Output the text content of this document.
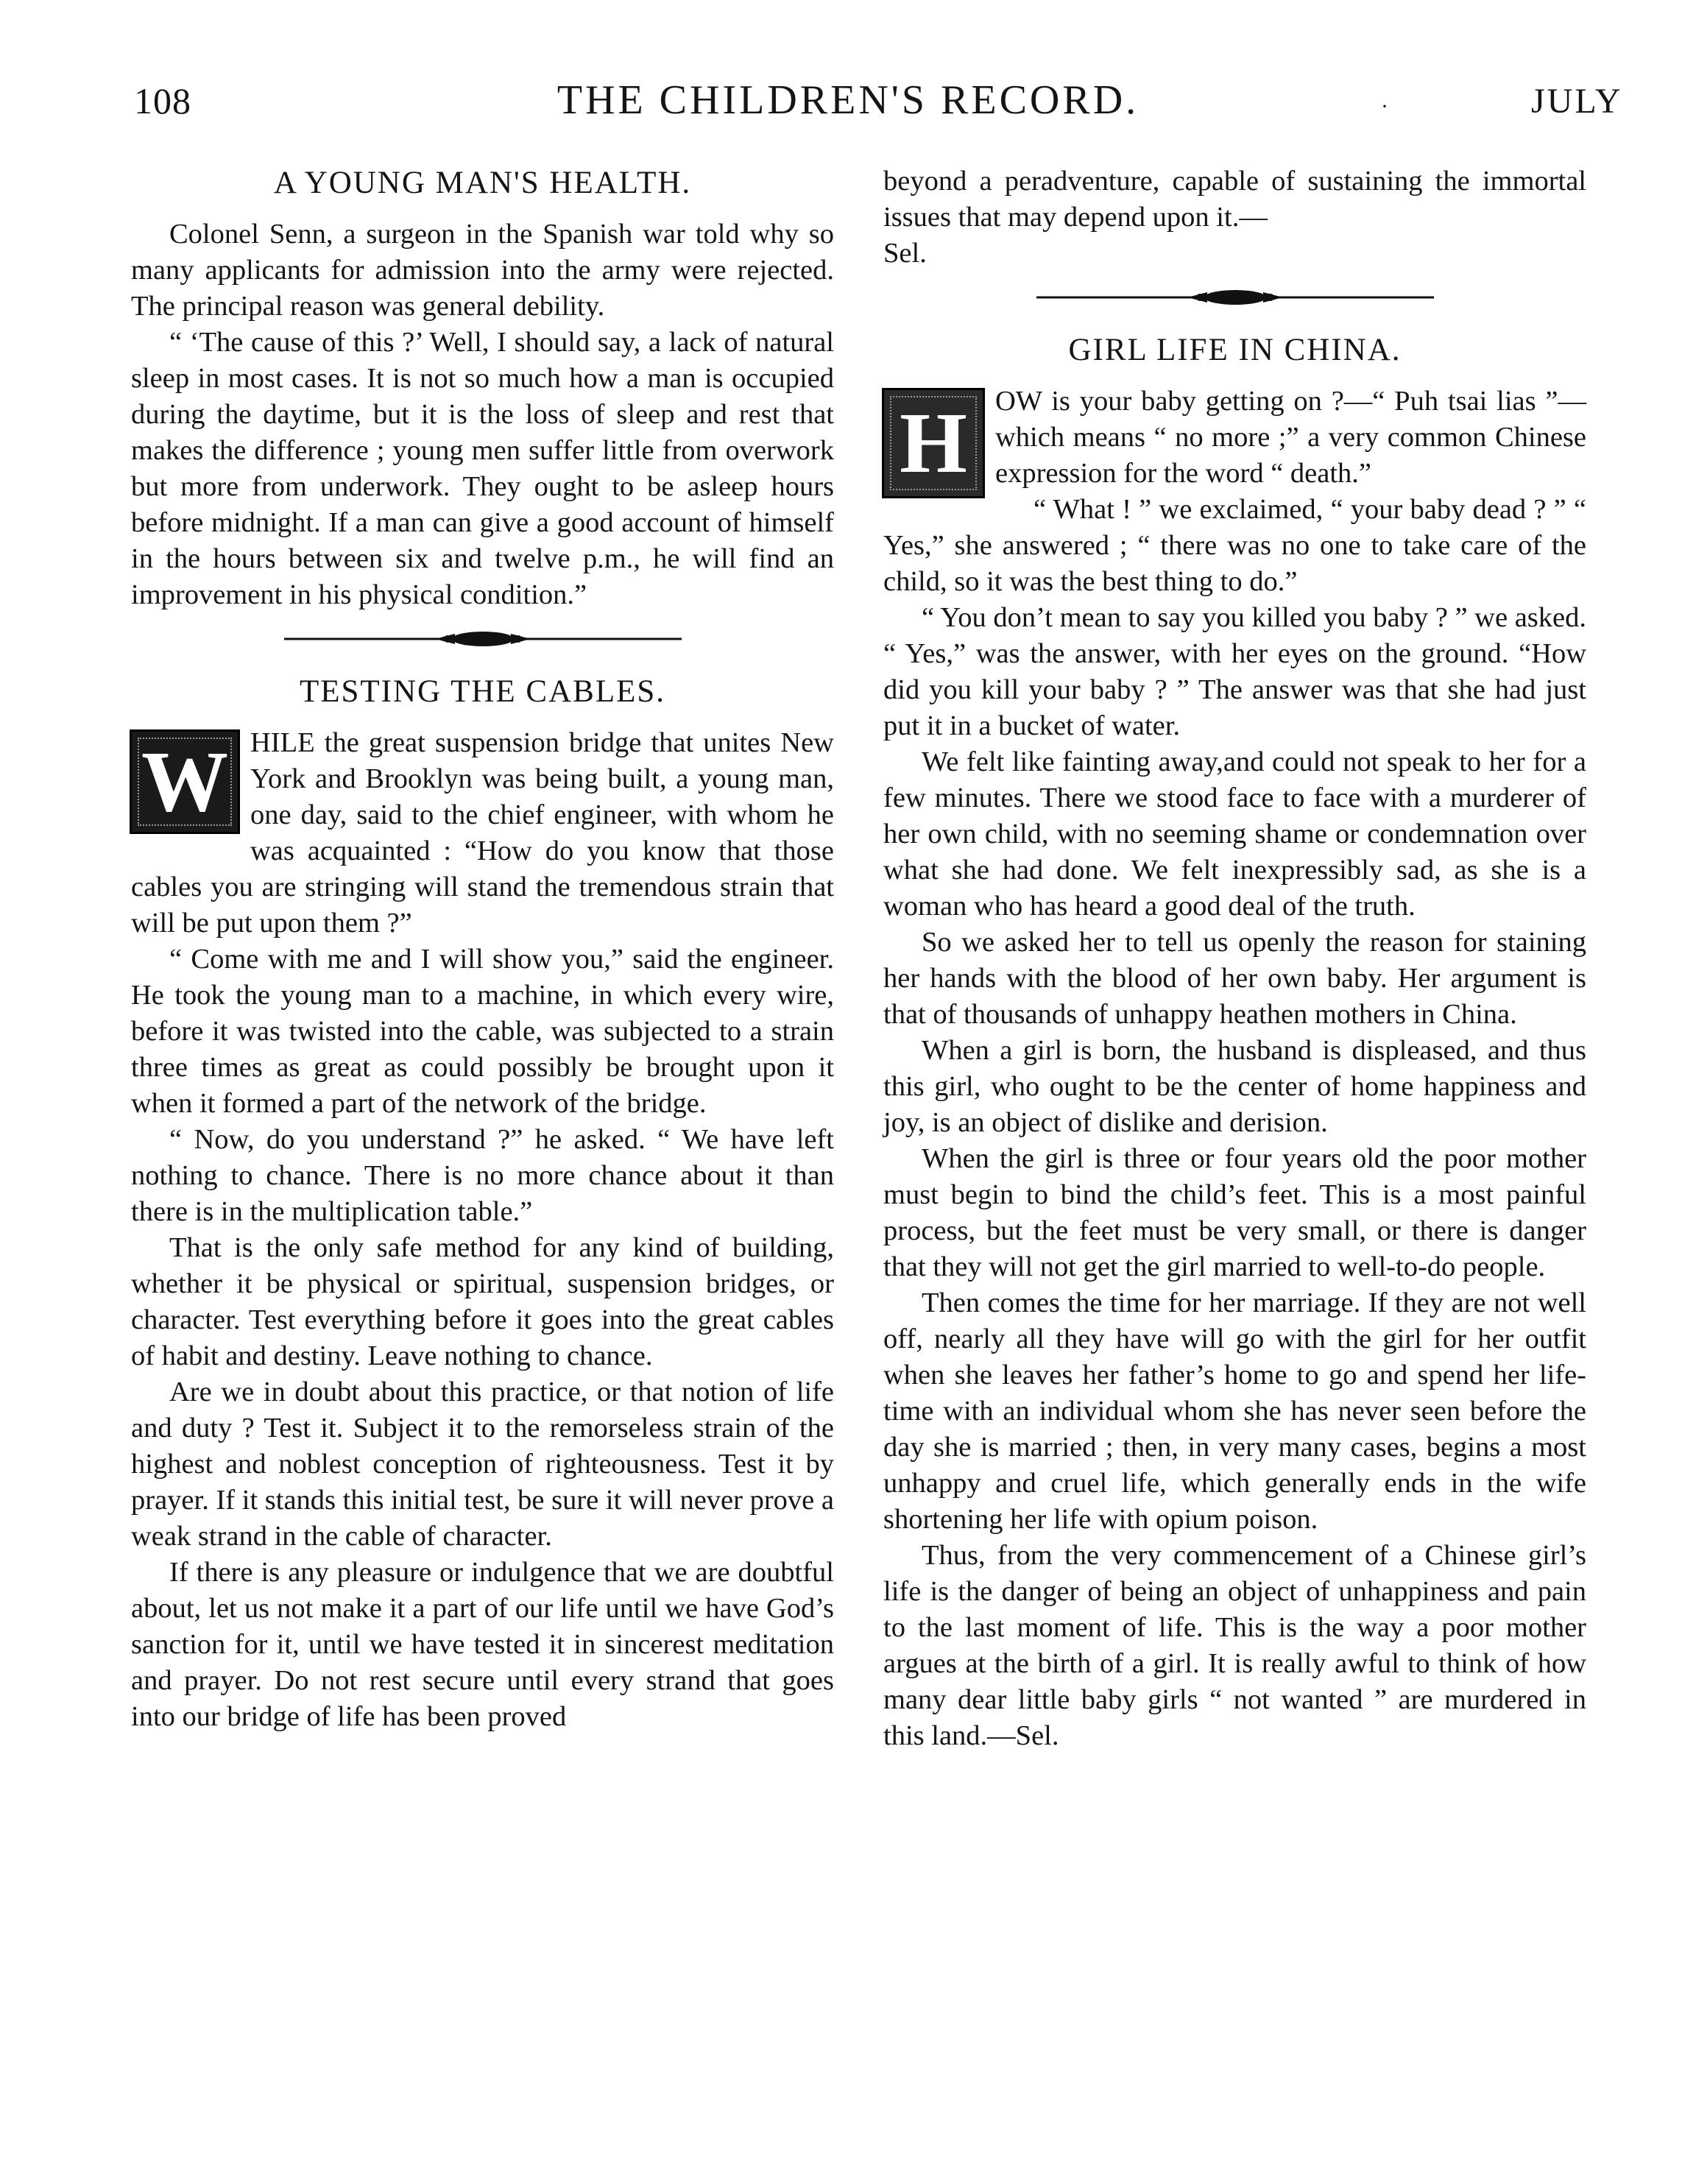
108	THE CHILDREN'S RECORD.	·	JULY
A YOUNG MAN'S HEALTH.

Colonel Senn, a surgeon in the Spanish war told why so many applicants for admission into the army were rejected. The principal reason was general debility.

“ ‘The cause of this ?’ Well, I should say, a lack of natural sleep in most cases. It is not so much how a man is occupied during the daytime, but it is the loss of sleep and rest that makes the difference ; young men suffer little from overwork but more from underwork. They ought to be asleep hours before midnight. If a man can give a good account of himself in the hours between six and twelve p.m., he will find an improvement in his physical condition.”

TESTING THE CABLES.

W HILE the great suspension bridge that unites New York and Brooklyn was being built, a young man, one day, said to the chief engineer, with whom he was acquainted : “How do you know that those cables you are stringing will stand the tremendous strain that will be put upon them ?”

“ Come with me and I will show you,” said the engineer. He took the young man to a machine, in which every wire, before it was twisted into the cable, was subjected to a strain three times as great as could possibly be brought upon it when it formed a part of the network of the bridge.

“ Now, do you understand ?” he asked. “ We have left nothing to chance. There is no more chance about it than there is in the multiplication table.”

That is the only safe method for any kind of building, whether it be physical or spiritual, suspension bridges, or character. Test everything before it goes into the great cables of habit and destiny. Leave nothing to chance.

Are we in doubt about this practice, or that notion of life and duty ? Test it. Subject it to the remorseless strain of the highest and noblest conception of righteousness. Test it by prayer. If it stands this initial test, be sure it will never prove a weak strand in the cable of character.

If there is any pleasure or indulgence that we are doubtful about, let us not make it a part of our life until we have God’s sanction for it, until we have tested it in sincerest meditation and prayer. Do not rest secure until every strand that goes into our bridge of life has been proved

beyond a peradventure, capable of sustaining the immortal issues that may depend upon it.—

Sel.

GIRL LIFE IN CHINA.

H OW is your baby getting on ?—“ Puh tsai lias ”—which means “ no more ;” a very common Chinese expression for the word “ death.”

“ What ! ” we exclaimed, “ your baby dead ? ” “ Yes,” she answered ; “ there was no one to take care of the child, so it was the best thing to do.”

“ You don’t mean to say you killed you baby ? ” we asked. “ Yes,” was the answer, with her eyes on the ground. “How did you kill your baby ? ” The answer was that she had just put it in a bucket of water.

We felt like fainting away,and could not speak to her for a few minutes. There we stood face to face with a murderer of her own child, with no seeming shame or condemnation over what she had done. We felt inexpressibly sad, as she is a woman who has heard a good deal of the truth.

So we asked her to tell us openly the reason for staining her hands with the blood of her own baby. Her argument is that of thousands of unhappy heathen mothers in China.

When a girl is born, the husband is displeased, and thus this girl, who ought to be the center of home happiness and joy, is an object of dislike and derision.

When the girl is three or four years old the poor mother must begin to bind the child’s feet. This is a most painful process, but the feet must be very small, or there is danger that they will not get the girl married to well-to-do people.

Then comes the time for her marriage. If they are not well off, nearly all they have will go with the girl for her outfit when she leaves her father’s home to go and spend her life-time with an individual whom she has never seen before the day she is married ; then, in very many cases, begins a most unhappy and cruel life, which generally ends in the wife shortening her life with opium poison.

Thus, from the very commencement of a Chinese girl’s life is the danger of being an object of unhappiness and pain to the last moment of life. This is the way a poor mother argues at the birth of a girl. It is really awful to think of how many dear little baby girls “ not wanted ” are murdered in this land.—Sel.
